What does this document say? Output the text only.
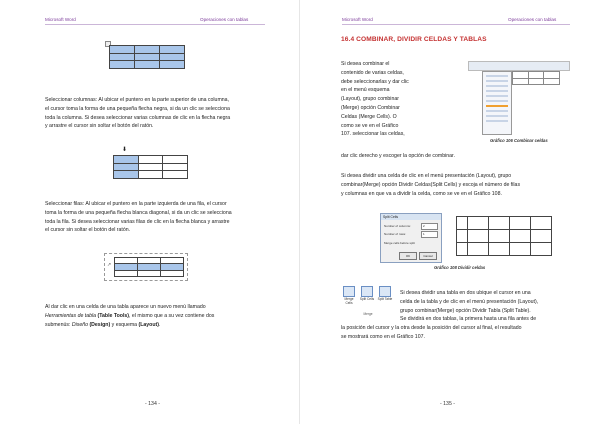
Microsoft Word	Operaciones con tablas

Seleccionar columnas: Al ubicar el puntero en la parte superior de una columna,
el cursor toma la forma de una pequeña flecha negra, si da un clic se selecciona
toda la columna. Si desea seleccionar varias columnas de clic en la flecha negra
y arrastre el cursor sin soltar el botón del ratón.
⬇

Seleccionar filas: Al ubicar el puntero en la parte izquierda de una fila, el cursor
toma la forma de una pequeña flecha blanca diagonal, si da un clic se selecciona
toda la fila. Si desea seleccionar varias filas de clic en la flecha blanca y arrastre
el cursor sin soltar el botón del ratón.
↗

Al dar clic en una celda de una tabla aparece un nuevo menú llamado
Herramientas de tabla (Table Tools), el mismo que a su vez contiene dos
submenús: Diseño (Design) y esquema (Layout).
- 134 -
Microsoft Word	Operaciones con tablas
16.4 COMBINAR, DIVIDIR CELDAS Y TABLAS
Si desea combinar el
contenido de varias celdas,
debe seleccionarlas y dar clic
en el menú esquema
(Layout), grupo combinar
(Merge) opción Combinar
Celdas (Merge Cells). O
como se ve en el Gráfico
107. seleccionar las celdas,
dar clic derecho y escoger la opción de combinar.
Gráfico 106 Combinar celdas
Si desea dividir una celda de clic en el menú presentación (Layout), grupo
combinar(Merge) opción Dividir Celdas(Split Cells) y escoja el número de filas
y columnas en que va a dividir la celda, como se ve en el Gráfico 108.
Split Cells
Number of columns:	2
Number of rows:	1
Merge cells before split
OK	Cancel

Gráfico 108 Dividir celdas
Merge Cells
Split Cells Split Table
Merge
Si desea dividir una tabla en dos ubique el cursor en una
celda de la tabla y de clic en el menú presentación (Layout),
grupo combinar(Merge) opción Dividir Tabla (Split Table).
Se dividirá en dos tablas, la primera hasta una fila antes de
la posición del cursor y la otra desde la posición del cursor al final, el resultado
se mostrará como en el Gráfico 107.
- 135 -
